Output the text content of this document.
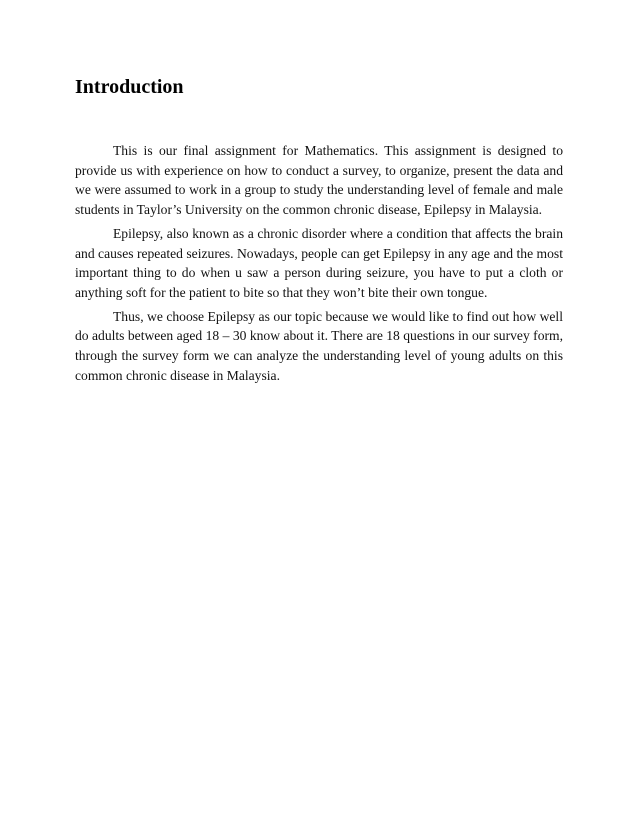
Introduction

This is our final assignment for Mathematics. This assignment is designed to provide us with experience on how to conduct a survey, to organize, present the data and we were assumed to work in a group to study the understanding level of female and male students in Taylor’s University on the common chronic disease, Epilepsy in Malaysia.

Epilepsy, also known as a chronic disorder where a condition that affects the brain and causes repeated seizures. Nowadays, people can get Epilepsy in any age and the most important thing to do when u saw a person during seizure, you have to put a cloth or anything soft for the patient to bite so that they won’t bite their own tongue.

Thus, we choose Epilepsy as our topic because we would like to find out how well do adults between aged 18 – 30 know about it. There are 18 questions in our survey form, through the survey form we can analyze the understanding level of young adults on this common chronic disease in Malaysia.
